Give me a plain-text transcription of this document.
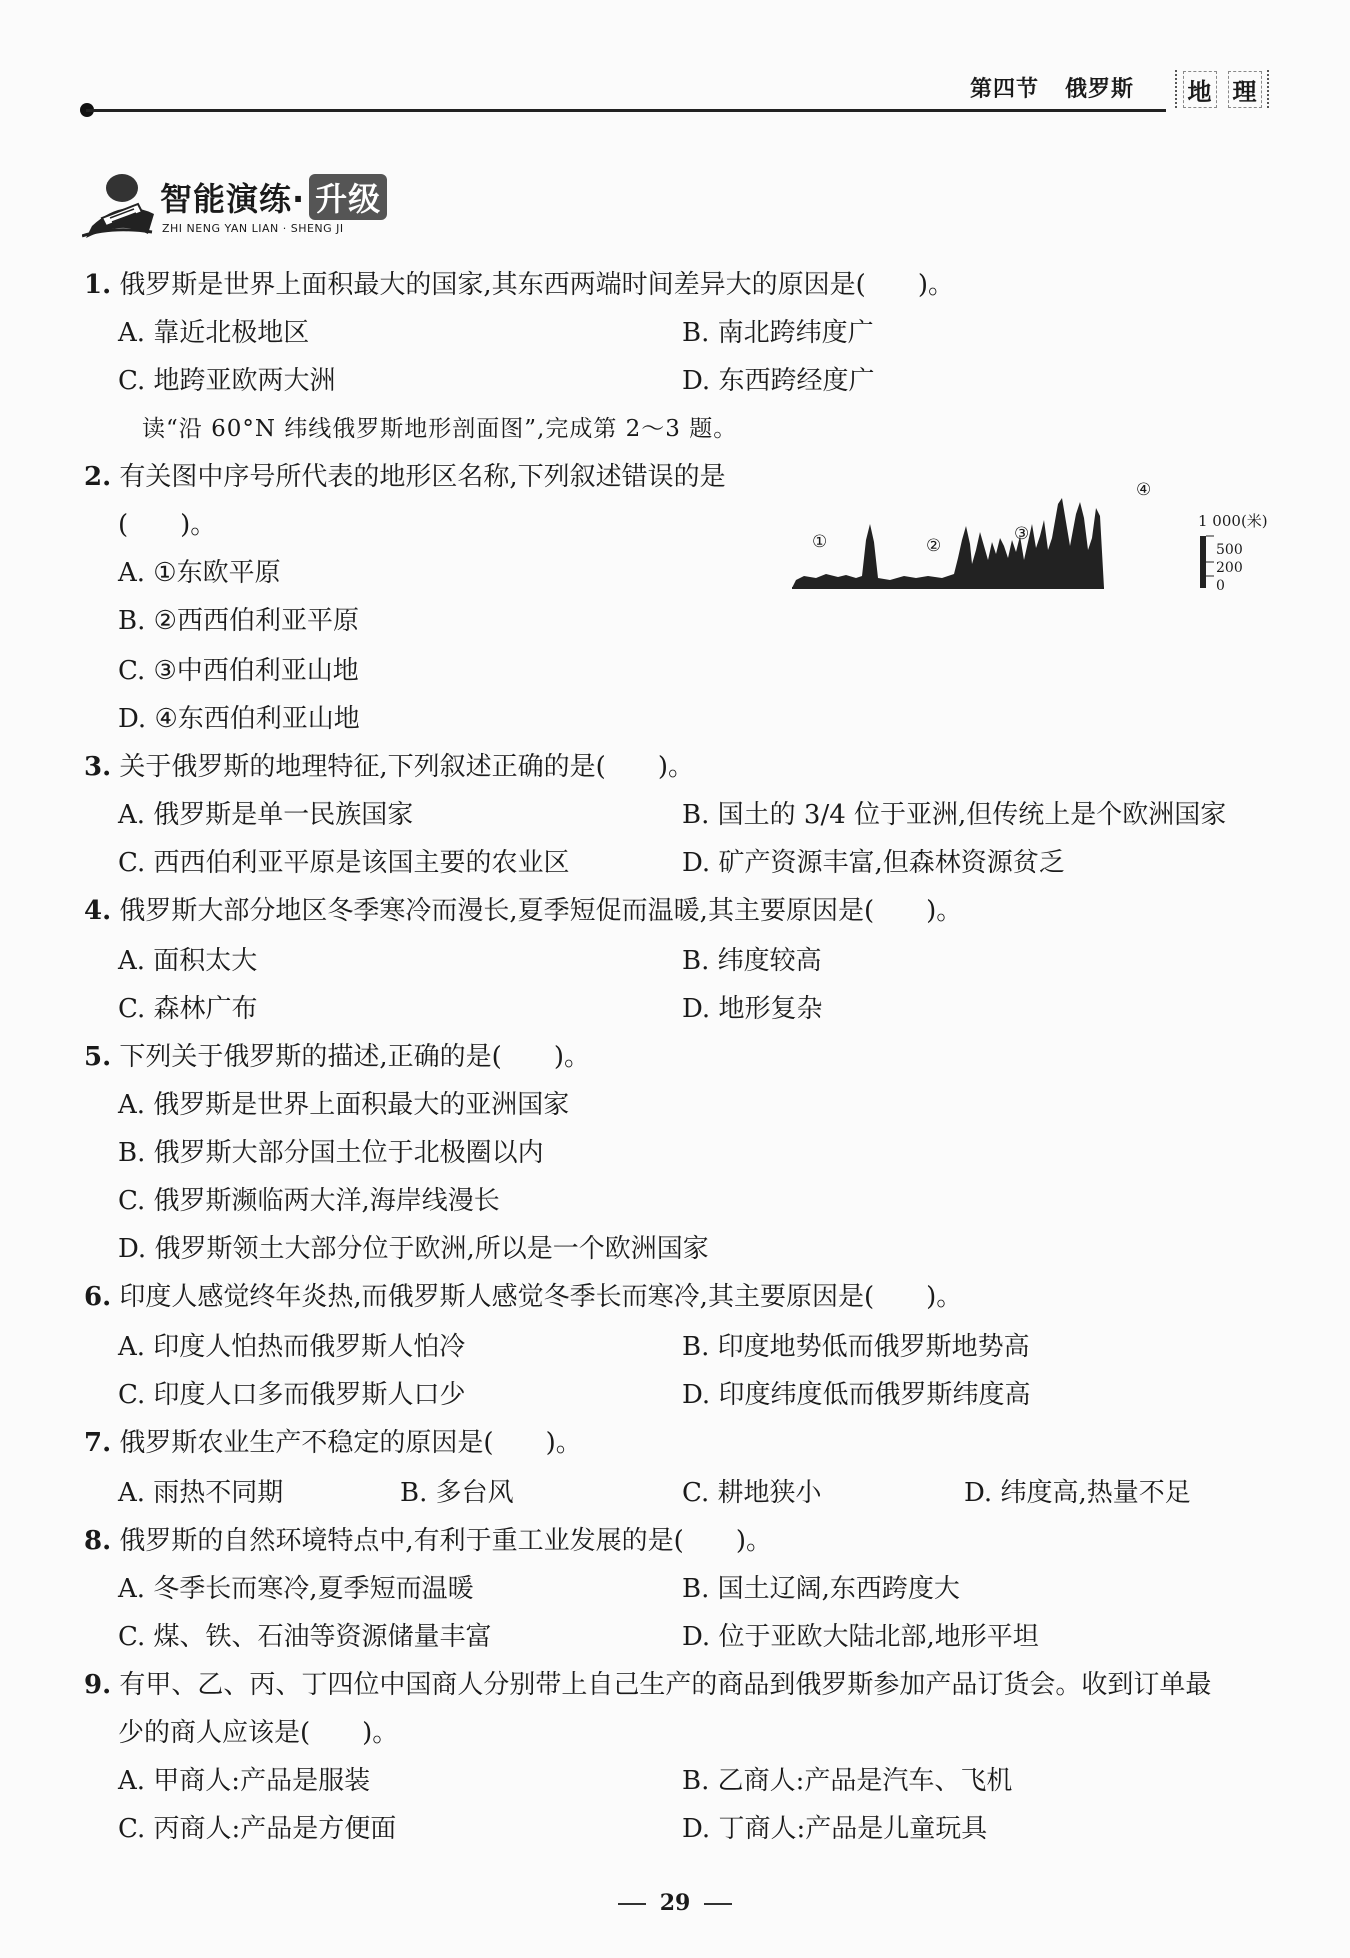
第四节 俄罗斯	地 理
智能演练· 升级
ZHI NENG YAN LIAN · SHENG JI
1. 俄罗斯是世界上面积最大的国家,其东西两端时间差异大的原因是(　　)。
A. 靠近北极地区	B. 南北跨纬度广
C. 地跨亚欧两大洲	D. 东西跨经度广
读“沿 60°N 纬线俄罗斯地形剖面图”,完成第 2～3 题。
2. 有关图中序号所代表的地形区名称,下列叙述错误的是
(　　)。
A. ①东欧平原
B. ②西西伯利亚平原
C. ③中西伯利亚山地
D. ④东西伯利亚山地
①	②
③
④
1 000(米)
500
200
0
3. 关于俄罗斯的地理特征,下列叙述正确的是(　　)。
A. 俄罗斯是单一民族国家	B. 国土的 3/4 位于亚洲,但传统上是个欧洲国家
C. 西西伯利亚平原是该国主要的农业区	D. 矿产资源丰富,但森林资源贫乏
4. 俄罗斯大部分地区冬季寒冷而漫长,夏季短促而温暖,其主要原因是(　　)。
A. 面积太大	B. 纬度较高
C. 森林广布	D. 地形复杂
5. 下列关于俄罗斯的描述,正确的是(　　)。
A. 俄罗斯是世界上面积最大的亚洲国家
B. 俄罗斯大部分国土位于北极圈以内
C. 俄罗斯濒临两大洋,海岸线漫长
D. 俄罗斯领土大部分位于欧洲,所以是一个欧洲国家
6. 印度人感觉终年炎热,而俄罗斯人感觉冬季长而寒冷,其主要原因是(　　)。
A. 印度人怕热而俄罗斯人怕冷	B. 印度地势低而俄罗斯地势高
C. 印度人口多而俄罗斯人口少	D. 印度纬度低而俄罗斯纬度高
7. 俄罗斯农业生产不稳定的原因是(　　)。
A. 雨热不同期	B. 多台风	C. 耕地狭小	D. 纬度高,热量不足
8. 俄罗斯的自然环境特点中,有利于重工业发展的是(　　)。
A. 冬季长而寒冷,夏季短而温暖	B. 国土辽阔,东西跨度大
C. 煤、铁、石油等资源储量丰富	D. 位于亚欧大陆北部,地形平坦
9. 有甲、乙、丙、丁四位中国商人分别带上自己生产的商品到俄罗斯参加产品订货会。收到订单最
少的商人应该是(　　)。
A. 甲商人:产品是服装	B. 乙商人:产品是汽车、飞机
C. 丙商人:产品是方便面	D. 丁商人:产品是儿童玩具
29
